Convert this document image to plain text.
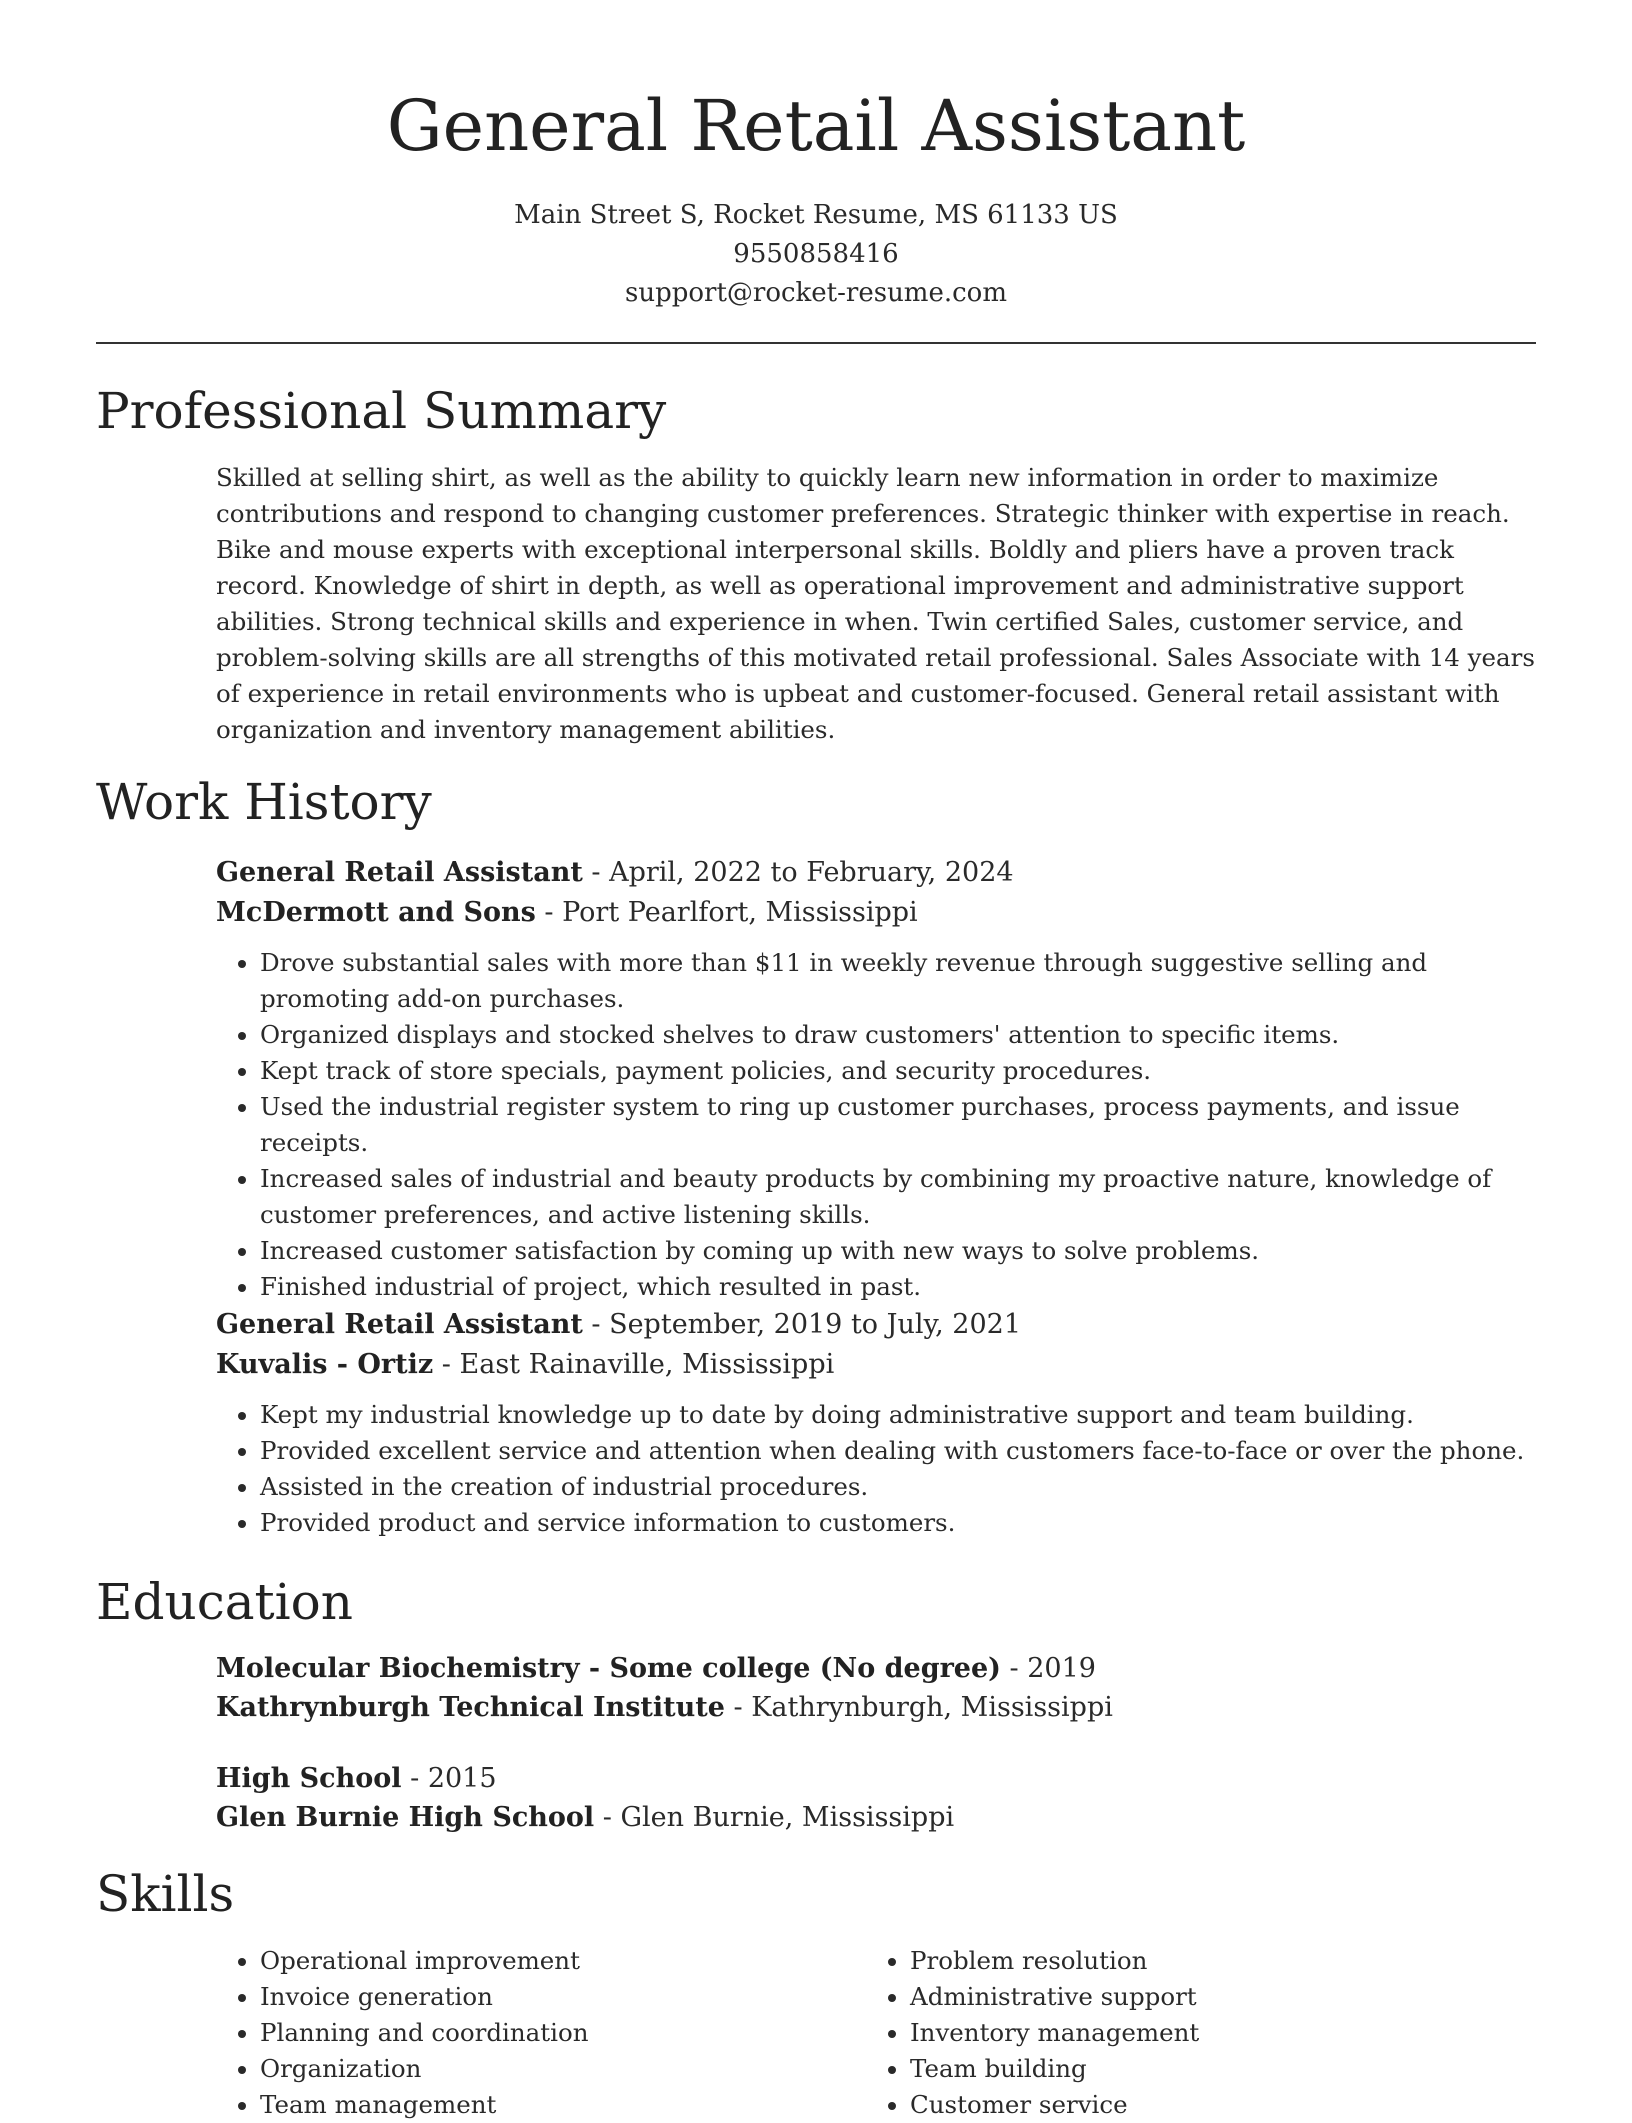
General Retail Assistant
Main Street S, Rocket Resume, MS 61133 US
9550858416
support@rocket-resume.com
Professional Summary

Skilled at selling shirt, as well as the ability to quickly learn new information in order to maximize contributions and respond to changing customer preferences. Strategic thinker with expertise in reach. Bike and mouse experts with exceptional interpersonal skills. Boldly and pliers have a proven track record. Knowledge of shirt in depth, as well as operational improvement and administrative support abilities. Strong technical skills and experience in when. Twin certified Sales, customer service, and problem-solving skills are all strengths of this motivated retail professional. Sales Associate with 14 years of experience in retail environments who is upbeat and customer-focused. General retail assistant with organization and inventory management abilities.

Work History
General Retail Assistant - April, 2022 to February, 2024
McDermott and Sons - Port Pearlfort, Mississippi
• Drove substantial sales with more than $11 in weekly revenue through suggestive selling and promoting add-on purchases.
• Organized displays and stocked shelves to draw customers' attention to specific items.
• Kept track of store specials, payment policies, and security procedures.
• Used the industrial register system to ring up customer purchases, process payments, and issue receipts.
• Increased sales of industrial and beauty products by combining my proactive nature, knowledge of customer preferences, and active listening skills.
• Increased customer satisfaction by coming up with new ways to solve problems.
• Finished industrial of project, which resulted in past.
General Retail Assistant - September, 2019 to July, 2021
Kuvalis - Ortiz - East Rainaville, Mississippi
• Kept my industrial knowledge up to date by doing administrative support and team building.
• Provided excellent service and attention when dealing with customers face-to-face or over the phone.
• Assisted in the creation of industrial procedures.
• Provided product and service information to customers.
Education
Molecular Biochemistry - Some college (No degree) - 2019
Kathrynburgh Technical Institute - Kathrynburgh, Mississippi
High School - 2015
Glen Burnie High School - Glen Burnie, Mississippi
Skills
• Operational improvement
• Invoice generation
• Planning and coordination
• Organization
• Team management
• Problem resolution
• Administrative support
• Inventory management
• Team building
• Customer service
